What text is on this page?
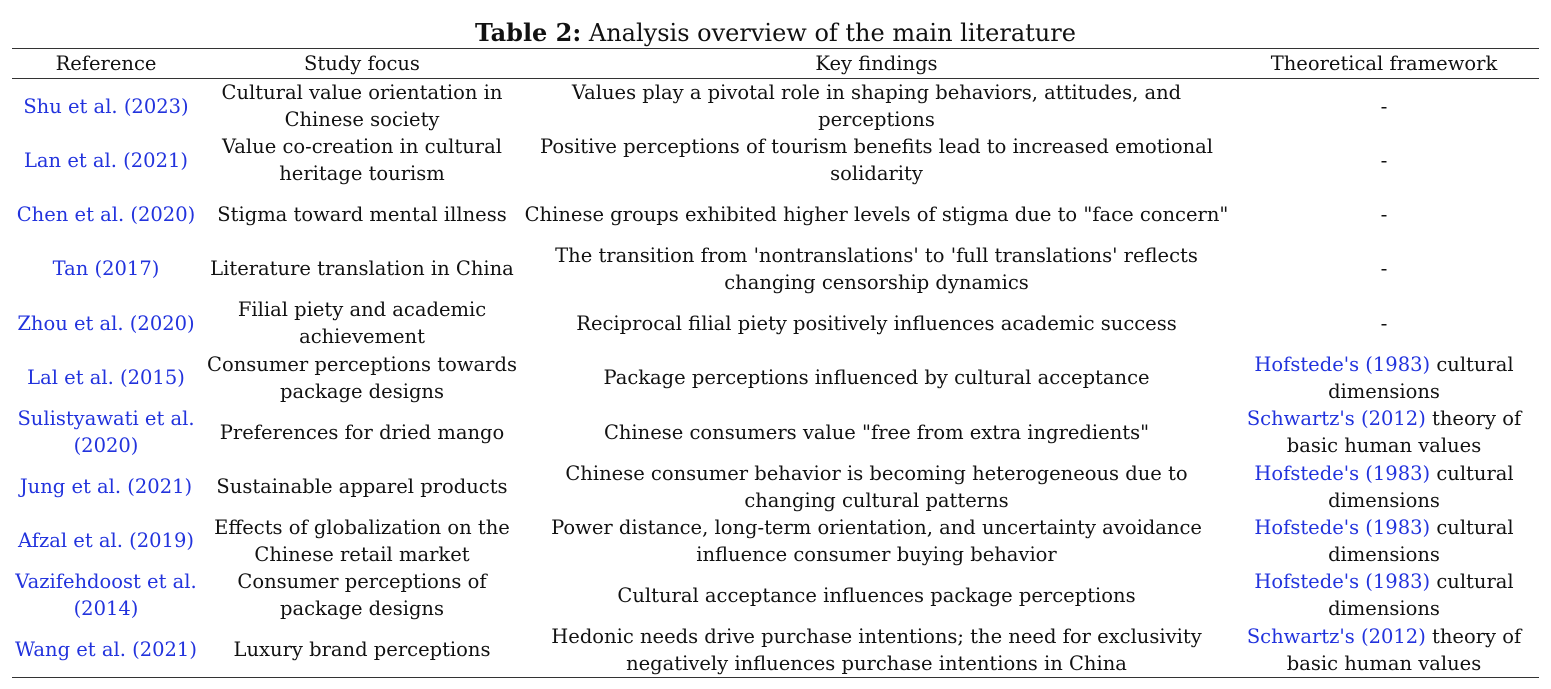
Table 2: Analysis overview of the main literature
Reference	Study focus	Key findings	Theoretical framework
Shu et al. (2023)	Cultural value orientation in Chinese society	Values play a pivotal role in shaping behaviors, attitudes, and perceptions	-
Lan et al. (2021)	Value co-creation in cultural heritage tourism	Positive perceptions of tourism benefits lead to increased emotional solidarity	-
Chen et al. (2020)	Stigma toward mental illness	Chinese groups exhibited higher levels of stigma due to "face concern"	-
Tan (2017)	Literature translation in China	The transition from 'nontranslations' to 'full translations' reflects changing censorship dynamics	-
Zhou et al. (2020)	Filial piety and academic achievement	Reciprocal filial piety positively influences academic success	-
Lal et al. (2015)	Consumer perceptions towards package designs	Package perceptions influenced by cultural acceptance	Hofstede's (1983) cultural dimensions
Sulistyawati et al. (2020)	Preferences for dried mango	Chinese consumers value "free from extra ingredients"	Schwartz's (2012) theory of basic human values
Jung et al. (2021)	Sustainable apparel products	Chinese consumer behavior is becoming heterogeneous due to changing cultural patterns	Hofstede's (1983) cultural dimensions
Afzal et al. (2019)	Effects of globalization on the Chinese retail market	Power distance, long-term orientation, and uncertainty avoidance influence consumer buying behavior	Hofstede's (1983) cultural dimensions
Vazifehdoost et al. (2014)	Consumer perceptions of package designs	Cultural acceptance influences package perceptions	Hofstede's (1983) cultural dimensions
Wang et al. (2021)	Luxury brand perceptions	Hedonic needs drive purchase intentions; the need for exclusivity negatively influences purchase intentions in China	Schwartz's (2012) theory of basic human values
